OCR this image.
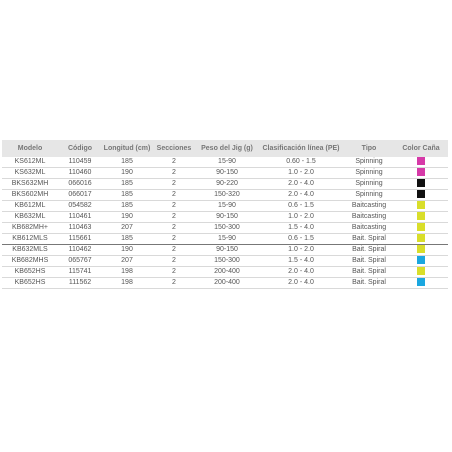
Modelo	Código	Longitud (cm)	Secciones	Peso del Jig (g)	Clasificación línea (PE)	Tipo	Color Caña
KS612ML	110459	185	2	15-90	0.60 - 1.5	Spinning	
KS632ML	110460	190	2	90-150	1.0 - 2.0	Spinning	
BKS632MH	066016	185	2	90-220	2.0 - 4.0	Spinning	
BKS602MH	066017	185	2	150-320	2.0 - 4.0	Spinning	
KB612ML	054582	185	2	15-90	0.6 - 1.5	Baitcasting	
KB632ML	110461	190	2	90-150	1.0 - 2.0	Baitcasting	
KB682MH+	110463	207	2	150-300	1.5 - 4.0	Baitcasting	
KB612MLS	115661	185	2	15-90	0.6 - 1.5	Bait. Spiral	
KB632MLS	110462	190	2	90-150	1.0 - 2.0	Bait. Spiral	
KB682MHS	065767	207	2	150-300	1.5 - 4.0	Bait. Spiral	
KB652HS	115741	198	2	200-400	2.0 - 4.0	Bait. Spiral	
KB652HS	111562	198	2	200-400	2.0 - 4.0	Bait. Spiral	
